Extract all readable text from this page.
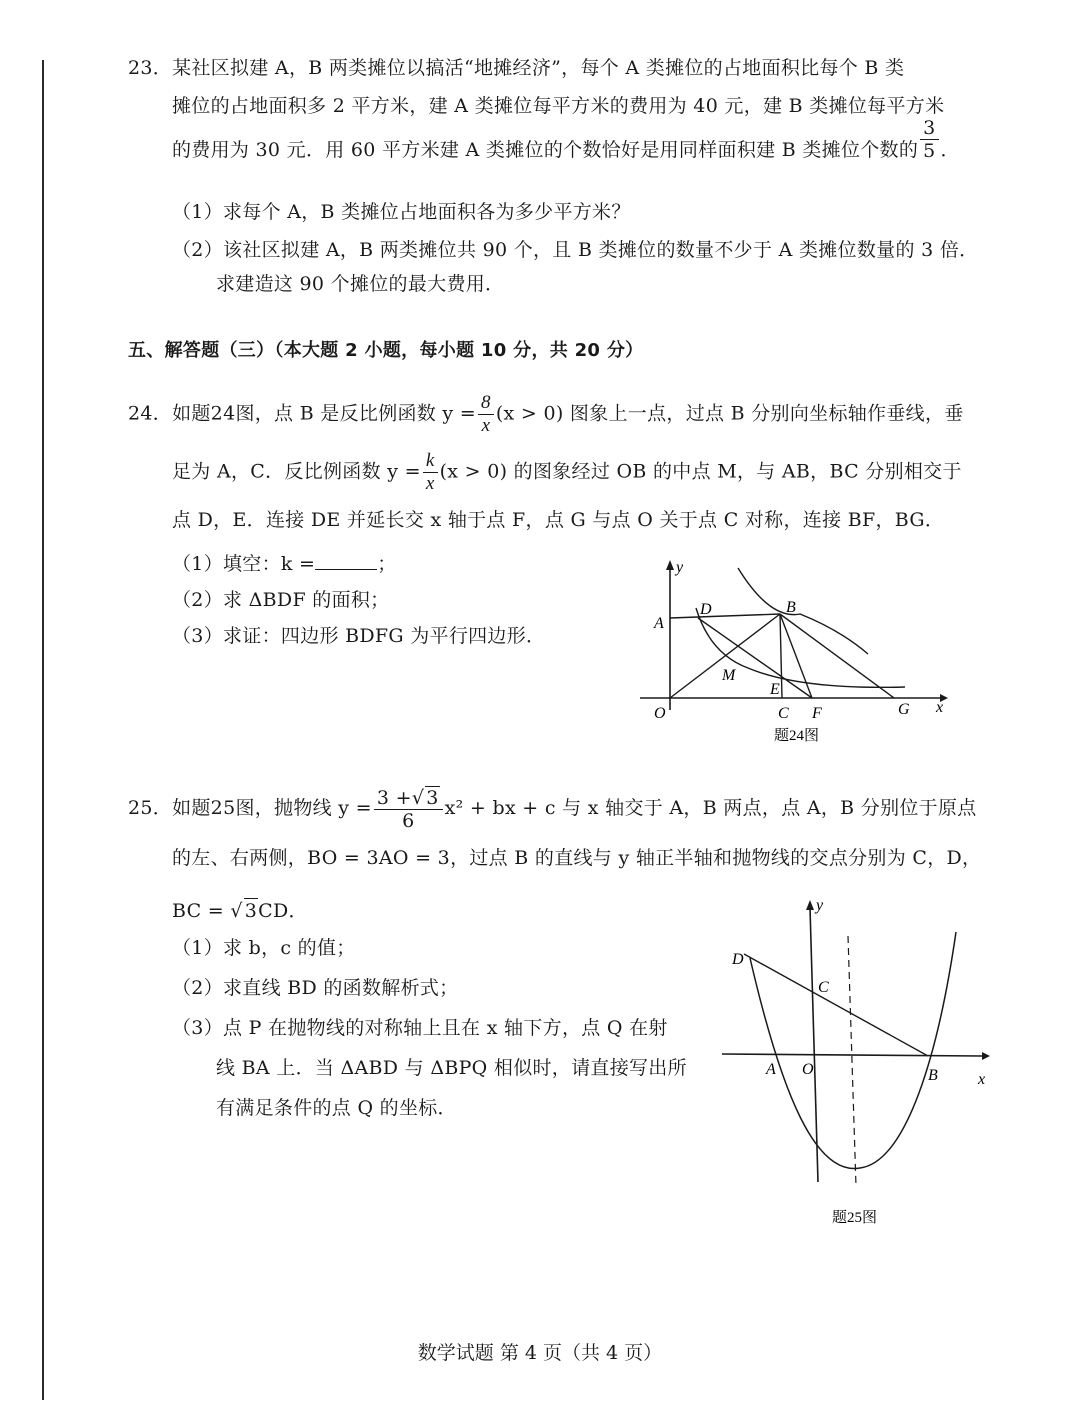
23．某社区拟建 A，B 两类摊位以搞活“地摊经济”，每个 A 类摊位的占地面积比每个 B 类
摊位的占地面积多 2 平方米，建 A 类摊位每平方米的费用为 40 元，建 B 类摊位每平方米
的费用为 30 元．用 60 平方米建 A 类摊位的个数恰好是用同样面积建 B 类摊位个数的 $\frac{3}{5}$ ．
（1）求每个 A，B 类摊位占地面积各为多少平方米？
（2）该社区拟建 A，B 两类摊位共 90 个，且 B 类摊位的数量不少于 A 类摊位数量的 3 倍．
求建造这 90 个摊位的最大费用．
五、解答题（三）（本大题 2 小题，每小题 10 分，共 20 分）
24．如题24图，点 B 是反比例函数 $y = \frac{8}{x} (x > 0)$ 图象上一点，过点 B 分别向坐标轴作垂线，垂
足为 A，C．反比例函数 $y = \frac{k}{x} (x > 0)$ 的图象经过 OB 的中点 M，与 AB，BC 分别相交于
点 D，E．连接 DE 并延长交 x 轴于点 F，点 G 与点 O 关于点 C 对称，连接 BF，BG．
（1）填空：k =	；
（2）求 ΔBDF 的面积；
（3）求证：四边形 BDFG 为平行四边形．
y
x
O
A
B
C
D
E
F	G
M
题24图
25．如题25图，抛物线 $y = \frac{3 +√ 3}{6} x^2$ + bx + c 与 x 轴交于 A，B 两点，点 A，B 分别位于原点
的左、右两侧，BO = 3AO = 3，过点 B 的直线与 y 轴正半轴和抛物线的交点分别为 C，D，
BC = √ 3CD．
（1）求 b，c 的值；
（2）求直线 BD 的函数解析式；
（3）点 P 在抛物线的对称轴上且在 x 轴下方，点 Q 在射
线 BA 上．当 ΔABD 与 ΔBPQ 相似时，请直接写出所
有满足条件的点 Q 的坐标．
y
x
O
A	B
C
D
题25图
数学试题 第 4 页（共 4 页）
